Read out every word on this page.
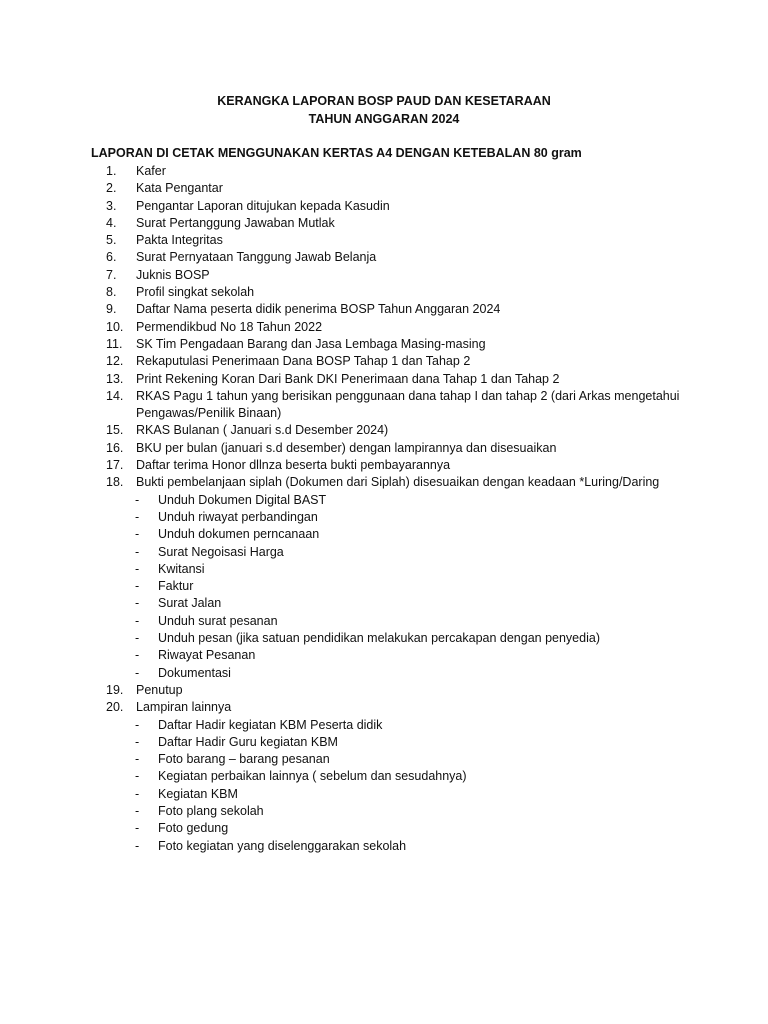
KERANGKA LAPORAN BOSP PAUD DAN KESETARAAN
TAHUN ANGGARAN 2024
LAPORAN DI CETAK MENGGUNAKAN KERTAS A4 DENGAN KETEBALAN 80 gram
1.	Kafer
2.	Kata Pengantar
3.	Pengantar Laporan ditujukan kepada Kasudin
4.	Surat Pertanggung Jawaban Mutlak
5.	Pakta Integritas
6.	Surat Pernyataan Tanggung Jawab Belanja
7.	Juknis BOSP
8.	Profil singkat sekolah
9.	Daftar Nama peserta didik penerima BOSP Tahun Anggaran 2024
10.	Permendikbud No 18 Tahun 2022
11.	SK Tim Pengadaan Barang dan Jasa Lembaga Masing-masing
12.	Rekaputulasi Penerimaan Dana BOSP Tahap 1 dan Tahap 2
13.	Print Rekening Koran Dari Bank DKI Penerimaan dana Tahap 1 dan Tahap 2
14.	RKAS Pagu 1 tahun yang berisikan penggunaan dana tahap I dan tahap 2 (dari Arkas mengetahui
Pengawas/Penilik Binaan)
15.	RKAS Bulanan ( Januari s.d Desember 2024)
16.	BKU per bulan (januari s.d desember) dengan lampirannya dan disesuaikan
17.	Daftar terima Honor dllnza beserta bukti pembayarannya
18.	Bukti pembelanjaan siplah (Dokumen dari Siplah) disesuaikan dengan keadaan *Luring/Daring
- Unduh Dokumen Digital BAST
- Unduh riwayat perbandingan
- Unduh dokumen perncanaan
- Surat Negoisasi Harga
- Kwitansi
- Faktur
- Surat Jalan
- Unduh surat pesanan
- Unduh pesan (jika satuan pendidikan melakukan percakapan dengan penyedia)
- Riwayat Pesanan
- Dokumentasi
19.	Penutup
20.	Lampiran lainnya
- Daftar Hadir kegiatan KBM Peserta didik
- Daftar Hadir Guru kegiatan KBM
- Foto barang – barang pesanan
- Kegiatan perbaikan lainnya ( sebelum dan sesudahnya)
- Kegiatan KBM
- Foto plang sekolah
- Foto gedung
- Foto kegiatan yang diselenggarakan sekolah
